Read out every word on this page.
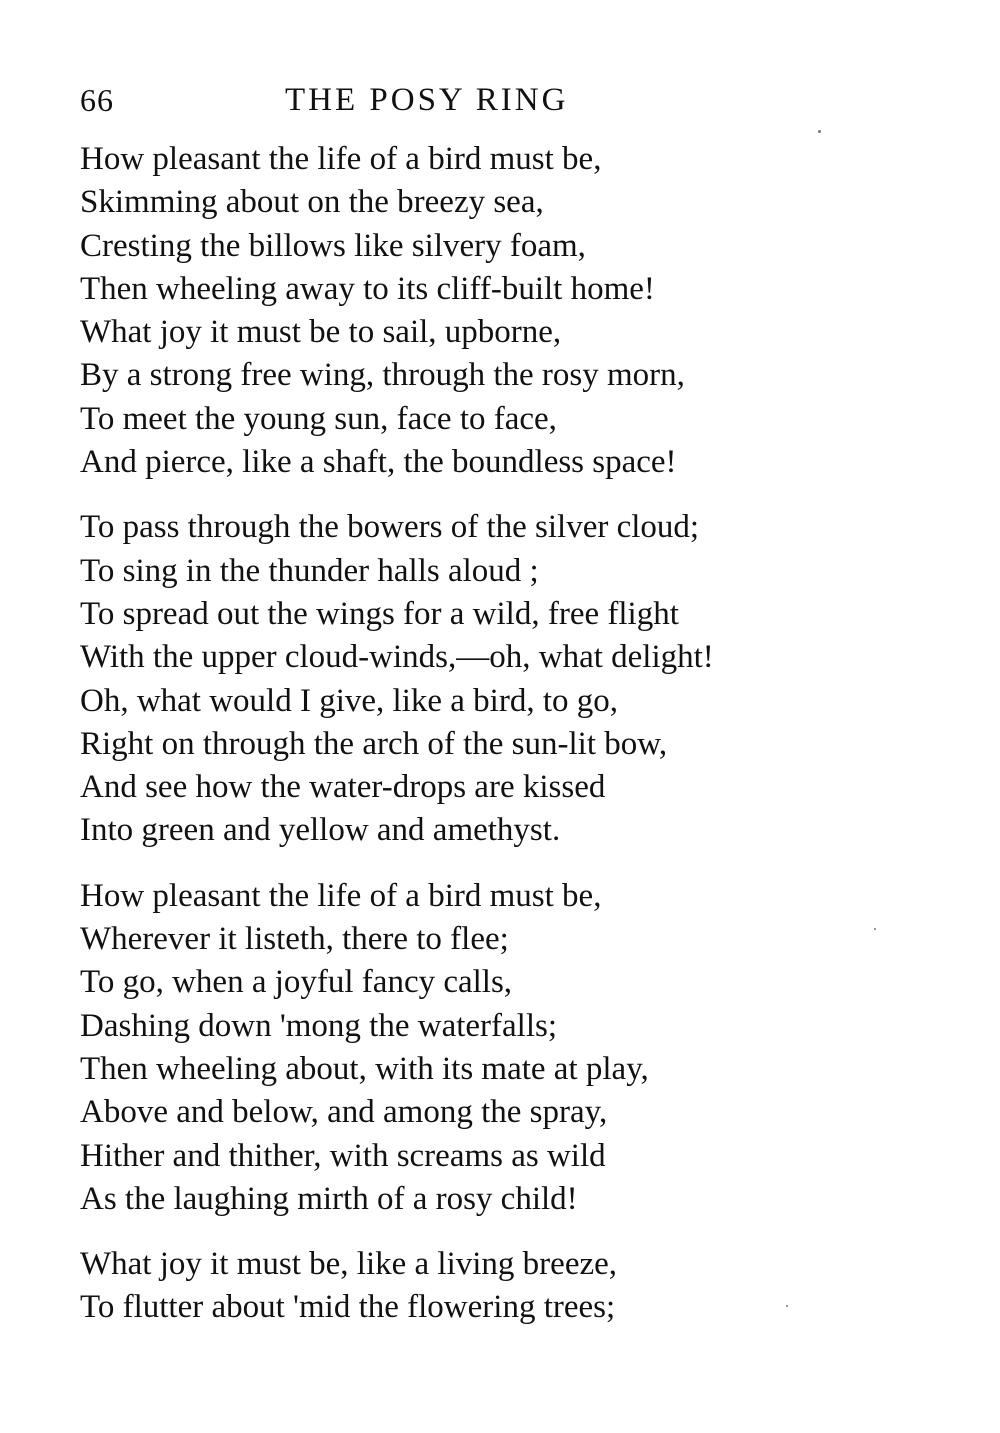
66	THE POSY RING

How pleasant the life of a bird must be,
Skimming about on the breezy sea,
Cresting the billows like silvery foam,
Then wheeling away to its cliff-built home!
What joy it must be to sail, upborne,
By a strong free wing, through the rosy morn,
To meet the young sun, face to face,
And pierce, like a shaft, the boundless space!

To pass through the bowers of the silver cloud;
To sing in the thunder halls aloud ;
To spread out the wings for a wild, free flight
With the upper cloud-winds,—oh, what delight!
Oh, what would I give, like a bird, to go,
Right on through the arch of the sun-lit bow,
And see how the water-drops are kissed
Into green and yellow and amethyst.

How pleasant the life of a bird must be,
Wherever it listeth, there to flee;
To go, when a joyful fancy calls,
Dashing down 'mong the waterfalls;
Then wheeling about, with its mate at play,
Above and below, and among the spray,
Hither and thither, with screams as wild
As the laughing mirth of a rosy child!

What joy it must be, like a living breeze,
To flutter about 'mid the flowering trees;
